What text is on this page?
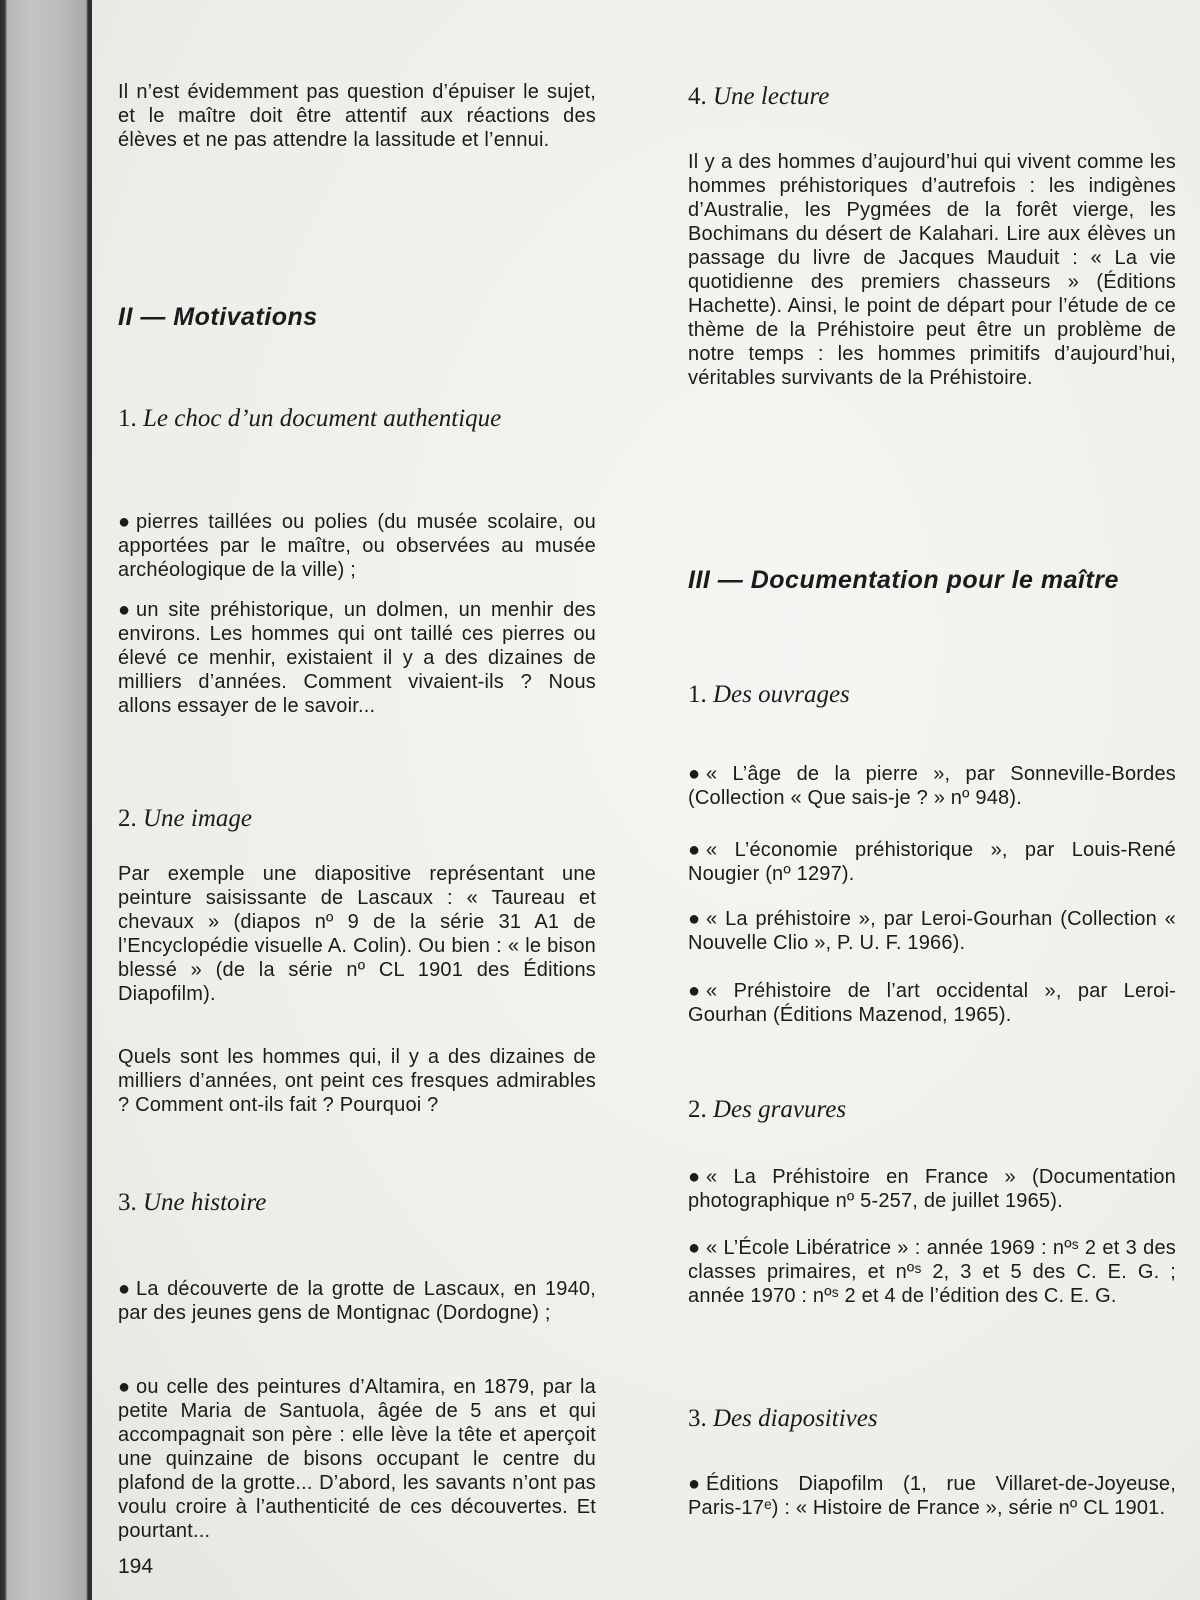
Il n’est évidemment pas question d’épuiser le sujet, et le maître doit être attentif aux réactions des élèves et ne pas attendre la lassitude et l’ennui.

II — Motivations
1. Le choc d’un document authentique

● pierres taillées ou polies (du musée scolaire, ou apportées par le maître, ou observées au musée archéologique de la ville) ;

● un site préhistorique, un dolmen, un menhir des environs. Les hommes qui ont taillé ces pierres ou élevé ce menhir, existaient il y a des dizaines de milliers d’années. Comment vivaient-ils ? Nous allons essayer de le savoir...

2. Une image

Par exemple une diapositive représentant une peinture saisissante de Lascaux : « Taureau et chevaux » (diapos nº 9 de la série 31 A1 de l’Encyclopédie visuelle A. Colin). Ou bien : « le bison blessé » (de la série nº CL 1901 des Éditions Diapofilm).

Quels sont les hommes qui, il y a des dizaines de milliers d’années, ont peint ces fresques admirables ? Comment ont-ils fait ? Pourquoi ?

3. Une histoire

● La découverte de la grotte de Lascaux, en 1940, par des jeunes gens de Montignac (Dordogne) ;

● ou celle des peintures d’Altamira, en 1879, par la petite Maria de Santuola, âgée de 5 ans et qui accompagnait son père : elle lève la tête et aperçoit une quinzaine de bisons occupant le centre du plafond de la grotte... D’abord, les savants n’ont pas voulu croire à l’authenticité de ces découvertes. Et pourtant...

4. Une lecture

Il y a des hommes d’aujourd’hui qui vivent comme les hommes préhistoriques d’autrefois : les indigènes d’Australie, les Pygmées de la forêt vierge, les Bochimans du désert de Kalahari. Lire aux élèves un passage du livre de Jacques Mauduit : « La vie quotidienne des premiers chasseurs » (Éditions Hachette). Ainsi, le point de départ pour l’étude de ce thème de la Préhistoire peut être un problème de notre temps : les hommes primitifs d’aujourd’hui, véritables survivants de la Préhistoire.

III — Documentation pour le maître
1. Des ouvrages

● « L’âge de la pierre », par Sonneville-Bordes (Collection « Que sais-je ? » nº 948).

● « L’économie préhistorique », par Louis-René Nougier (nº 1297).

● « La préhistoire », par Leroi-Gourhan (Collection « Nouvelle Clio », P. U. F. 1966).

● « Préhistoire de l’art occidental », par Leroi-Gourhan (Éditions Mazenod, 1965).

2. Des gravures

● « La Préhistoire en France » (Documentation photographique nº 5-257, de juillet 1965).

● « L’École Libératrice » : année 1969 : nºˢ 2 et 3 des classes primaires, et nºˢ 2, 3 et 5 des C. E. G. ; année 1970 : nºˢ 2 et 4 de l’édition des C. E. G.

3. Des diapositives

● Éditions Diapofilm (1, rue Villaret-de-Joyeuse, Paris-17ᵉ) : « Histoire de France », série nº CL 1901.

194
